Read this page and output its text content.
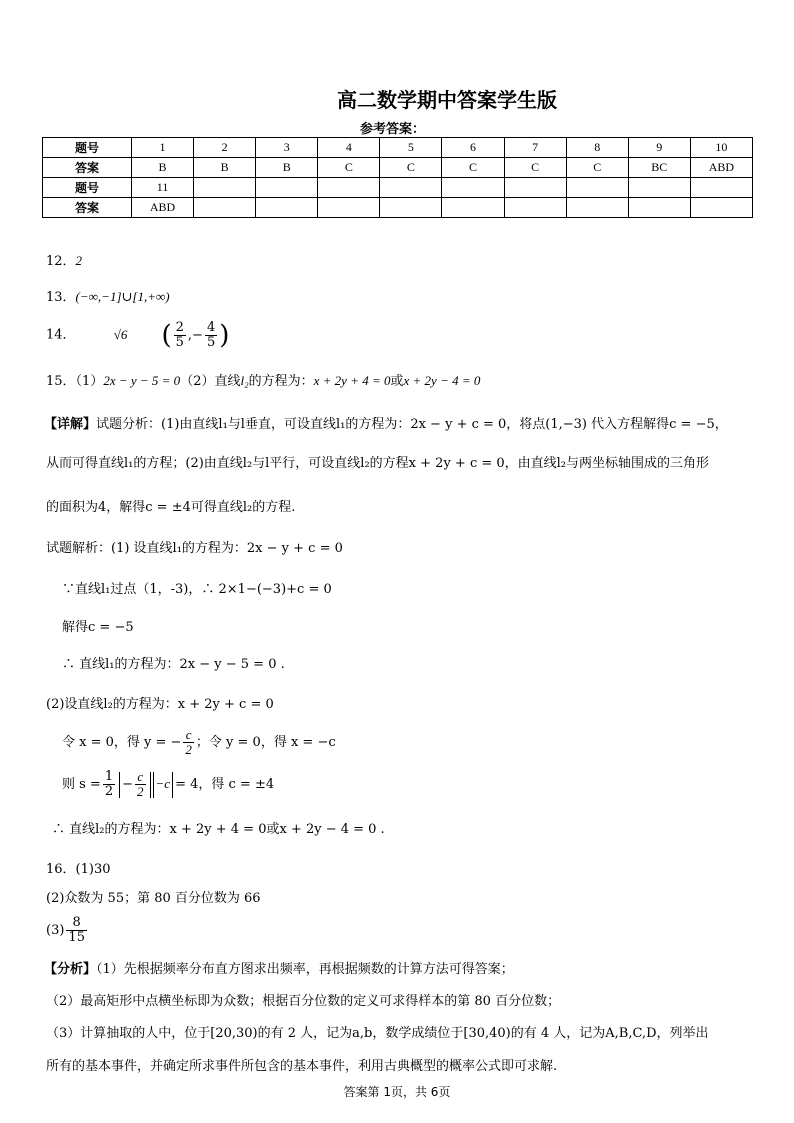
高二数学期中答案学生版
参考答案：
题号	1	2	3	4	5	6	7	8	9	10
答案	B	B	B	C	C	C	C	C	BC	ABD
题号	11									
答案	ABD									
12．2
13．(−∞,−1]∪[1,+∞)
14．	√6 ( $\frac{2}{5}$ ,− $\frac{4}{5}$ )
15．（1）2x − y − 5 = 0（2）直线l₂的方程为：x + 2y + 4 = 0或x + 2y − 4 = 0
【详解】试题分析：(1)由直线l₁与l垂直，可设直线l₁的方程为：2x − y + c = 0，将点(1,−3) 代入方程解得c = −5，
从而可得直线l₁的方程；(2)由直线l₂与l平行，可设直线l₂的方程x + 2y + c = 0，由直线l₂与两坐标轴围成的三角形
的面积为4，解得c = ±4可得直线l₂的方程.
试题解析：(1) 设直线l₁的方程为：2x − y + c = 0
∵直线l₁过点（1，-3)，∴ 2×1−(−3)+c = 0
解得c = −5
∴ 直线l₁的方程为：2x − y − 5 = 0 .
(2)设直线l₂的方程为：x + 2y + c = 0
令 x = 0，得 y = − $\frac{c}{2}$ ；令 y = 0，得 x = −c
则 $s = \frac{1}{2} - \frac{c}{2} -c = 4$，得 c = ±4
∴ 直线l₂的方程为：x + 2y + 4 = 0或x + 2y − 4 = 0 .
16．(1)30
(2)众数为 55；第 80 百分位数为 66
$(3) \frac{8}{15}$
【分析】（1）先根据频率分布直方图求出频率，再根据频数的计算方法可得答案；
（2）最高矩形中点横坐标即为众数；根据百分位数的定义可求得样本的第 80 百分位数；
（3）计算抽取的人中，位于[20,30)的有 2 人，记为a,b，数学成绩位于[30,40)的有 4 人，记为A,B,C,D，列举出
所有的基本事件，并确定所求事件所包含的基本事件，利用古典概型的概率公式即可求解.
答案第 1页，共 6页
